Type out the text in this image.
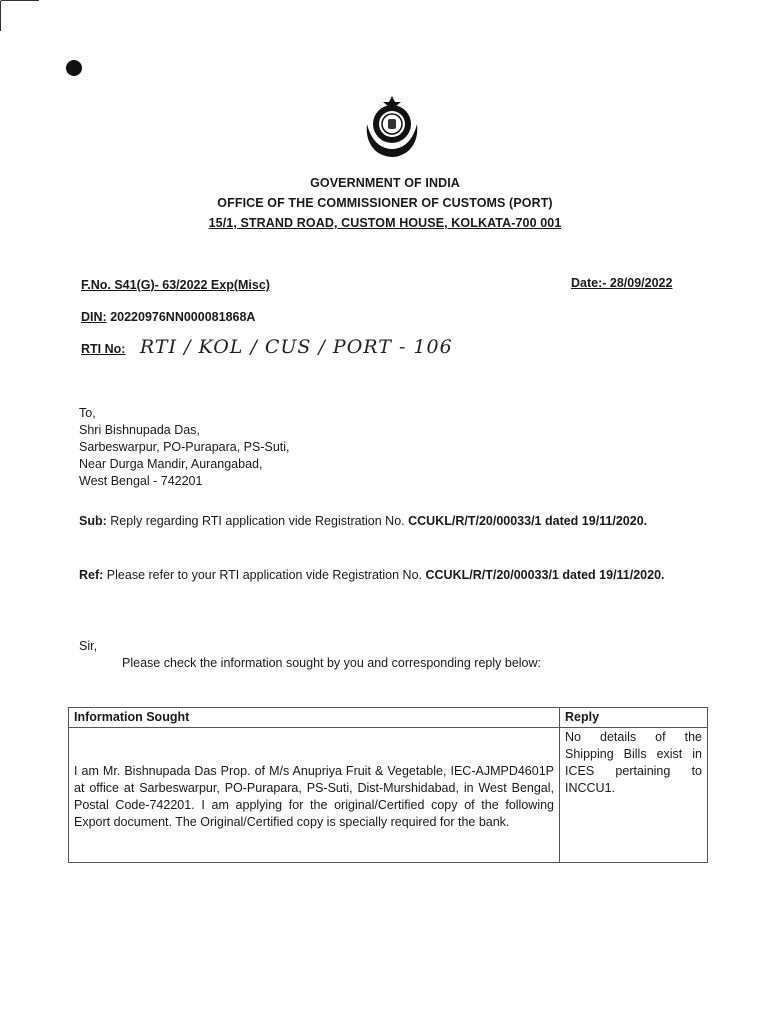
GOVERNMENT OF INDIA
OFFICE OF THE COMMISSIONER OF CUSTOMS (PORT)
15/1, STRAND ROAD, CUSTOM HOUSE, KOLKATA-700 001
F.No. S41(G)- 63/2022 Exp(Misc)	Date:- 28/09/2022
DIN: 20220976NN000081868A
RTI No: RTI / KOL / CUS / PORT - 106
To,
Shri Bishnupada Das,
Sarbeswarpur, PO-Purapara, PS-Suti,
Near Durga Mandir, Aurangabad,
West Bengal - 742201
Sub: Reply regarding RTI application vide Registration No. CCUKL/R/T/20/00033/1 dated 19/11/2020.
Ref: Please refer to your RTI application vide Registration No. CCUKL/R/T/20/00033/1 dated 19/11/2020.
Sir,
Please check the information sought by you and corresponding reply below:
Information Sought	Reply

I am Mr. Bishnupada Das Prop. of M/s Anupriya Fruit & Vegetable, IEC-AJMPD4601P at office at Sarbeswarpur, PO-Purapara, PS-Suti, Dist-Murshidabad, in West Bengal, Postal Code-742201. I am applying for the original/Certified copy of the following Export document. The Original/Certified copy is specially required for the bank.	No details of the Shipping Bills exist in ICES pertaining to INCCU1.
